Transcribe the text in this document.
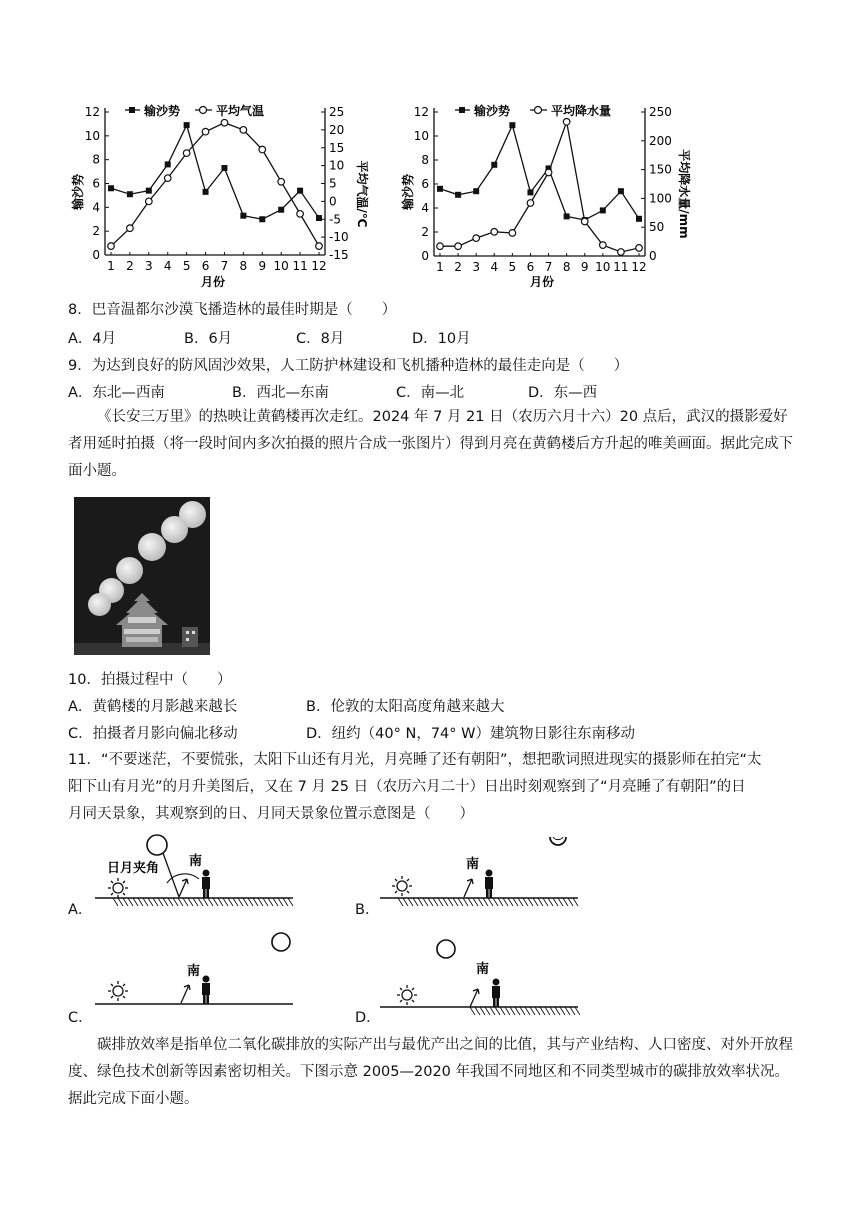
0
2
4
6
8
10
12
-15
-10
-5
0
5
10
15
20
25
1 2 3 4 5 6 7 8 9 10 11 12
输沙势	平均气温
输沙势	平均气温/℃
月份
0
2
4
6
8
10
12
0
50
100
150
200
250
1 2 3 4 5 6 7 8 9 10 11 12
输沙势	平均降水量
输沙势	平均降水量/mm
月份
8．巴音温都尔沙漠飞播造林的最佳时期是（　　）
A．4月	B．6月	C．8月	D．10月
9．为达到良好的防风固沙效果，人工防护林建设和飞机播种造林的最佳走向是（　　）
A．东北—西南	B．西北—东南	C．南—北	D．东—西
《长安三万里》的热映让黄鹤楼再次走红。2024 年 7 月 21 日（农历六月十六）20 点后，武汉的摄影爱好者用延时拍摄（将一段时间内多次拍摄的照片合成一张图片）得到月亮在黄鹤楼后方升起的唯美画面。据此完成下面小题。
10．拍摄过程中（　　）
A．黄鹤楼的月影越来越长	B．伦敦的太阳高度角越来越大
C．拍摄者月影向偏北移动	D．纽约（40° N，74° W）建筑物日影往东南移动
11．“不要迷茫，不要慌张，太阳下山还有月光，月亮睡了还有朝阳”，想把歌词照进现实的摄影师在拍完“太
阳下山有月光”的月升美图后，又在 7 月 25 日（农历六月二十）日出时刻观察到了“月亮睡了有朝阳”的日
月同天景象，其观察到的日、月同天景象位置示意图是（　　）
A．
日月夹角 南
B．
南
C．
南
D．
南
碳排放效率是指单位二氧化碳排放的实际产出与最优产出之间的比值，其与产业结构、人口密度、对外开放程度、绿色技术创新等因素密切相关。下图示意 2005—2020 年我国不同地区和不同类型城市的碳排放效率状况。据此完成下面小题。
